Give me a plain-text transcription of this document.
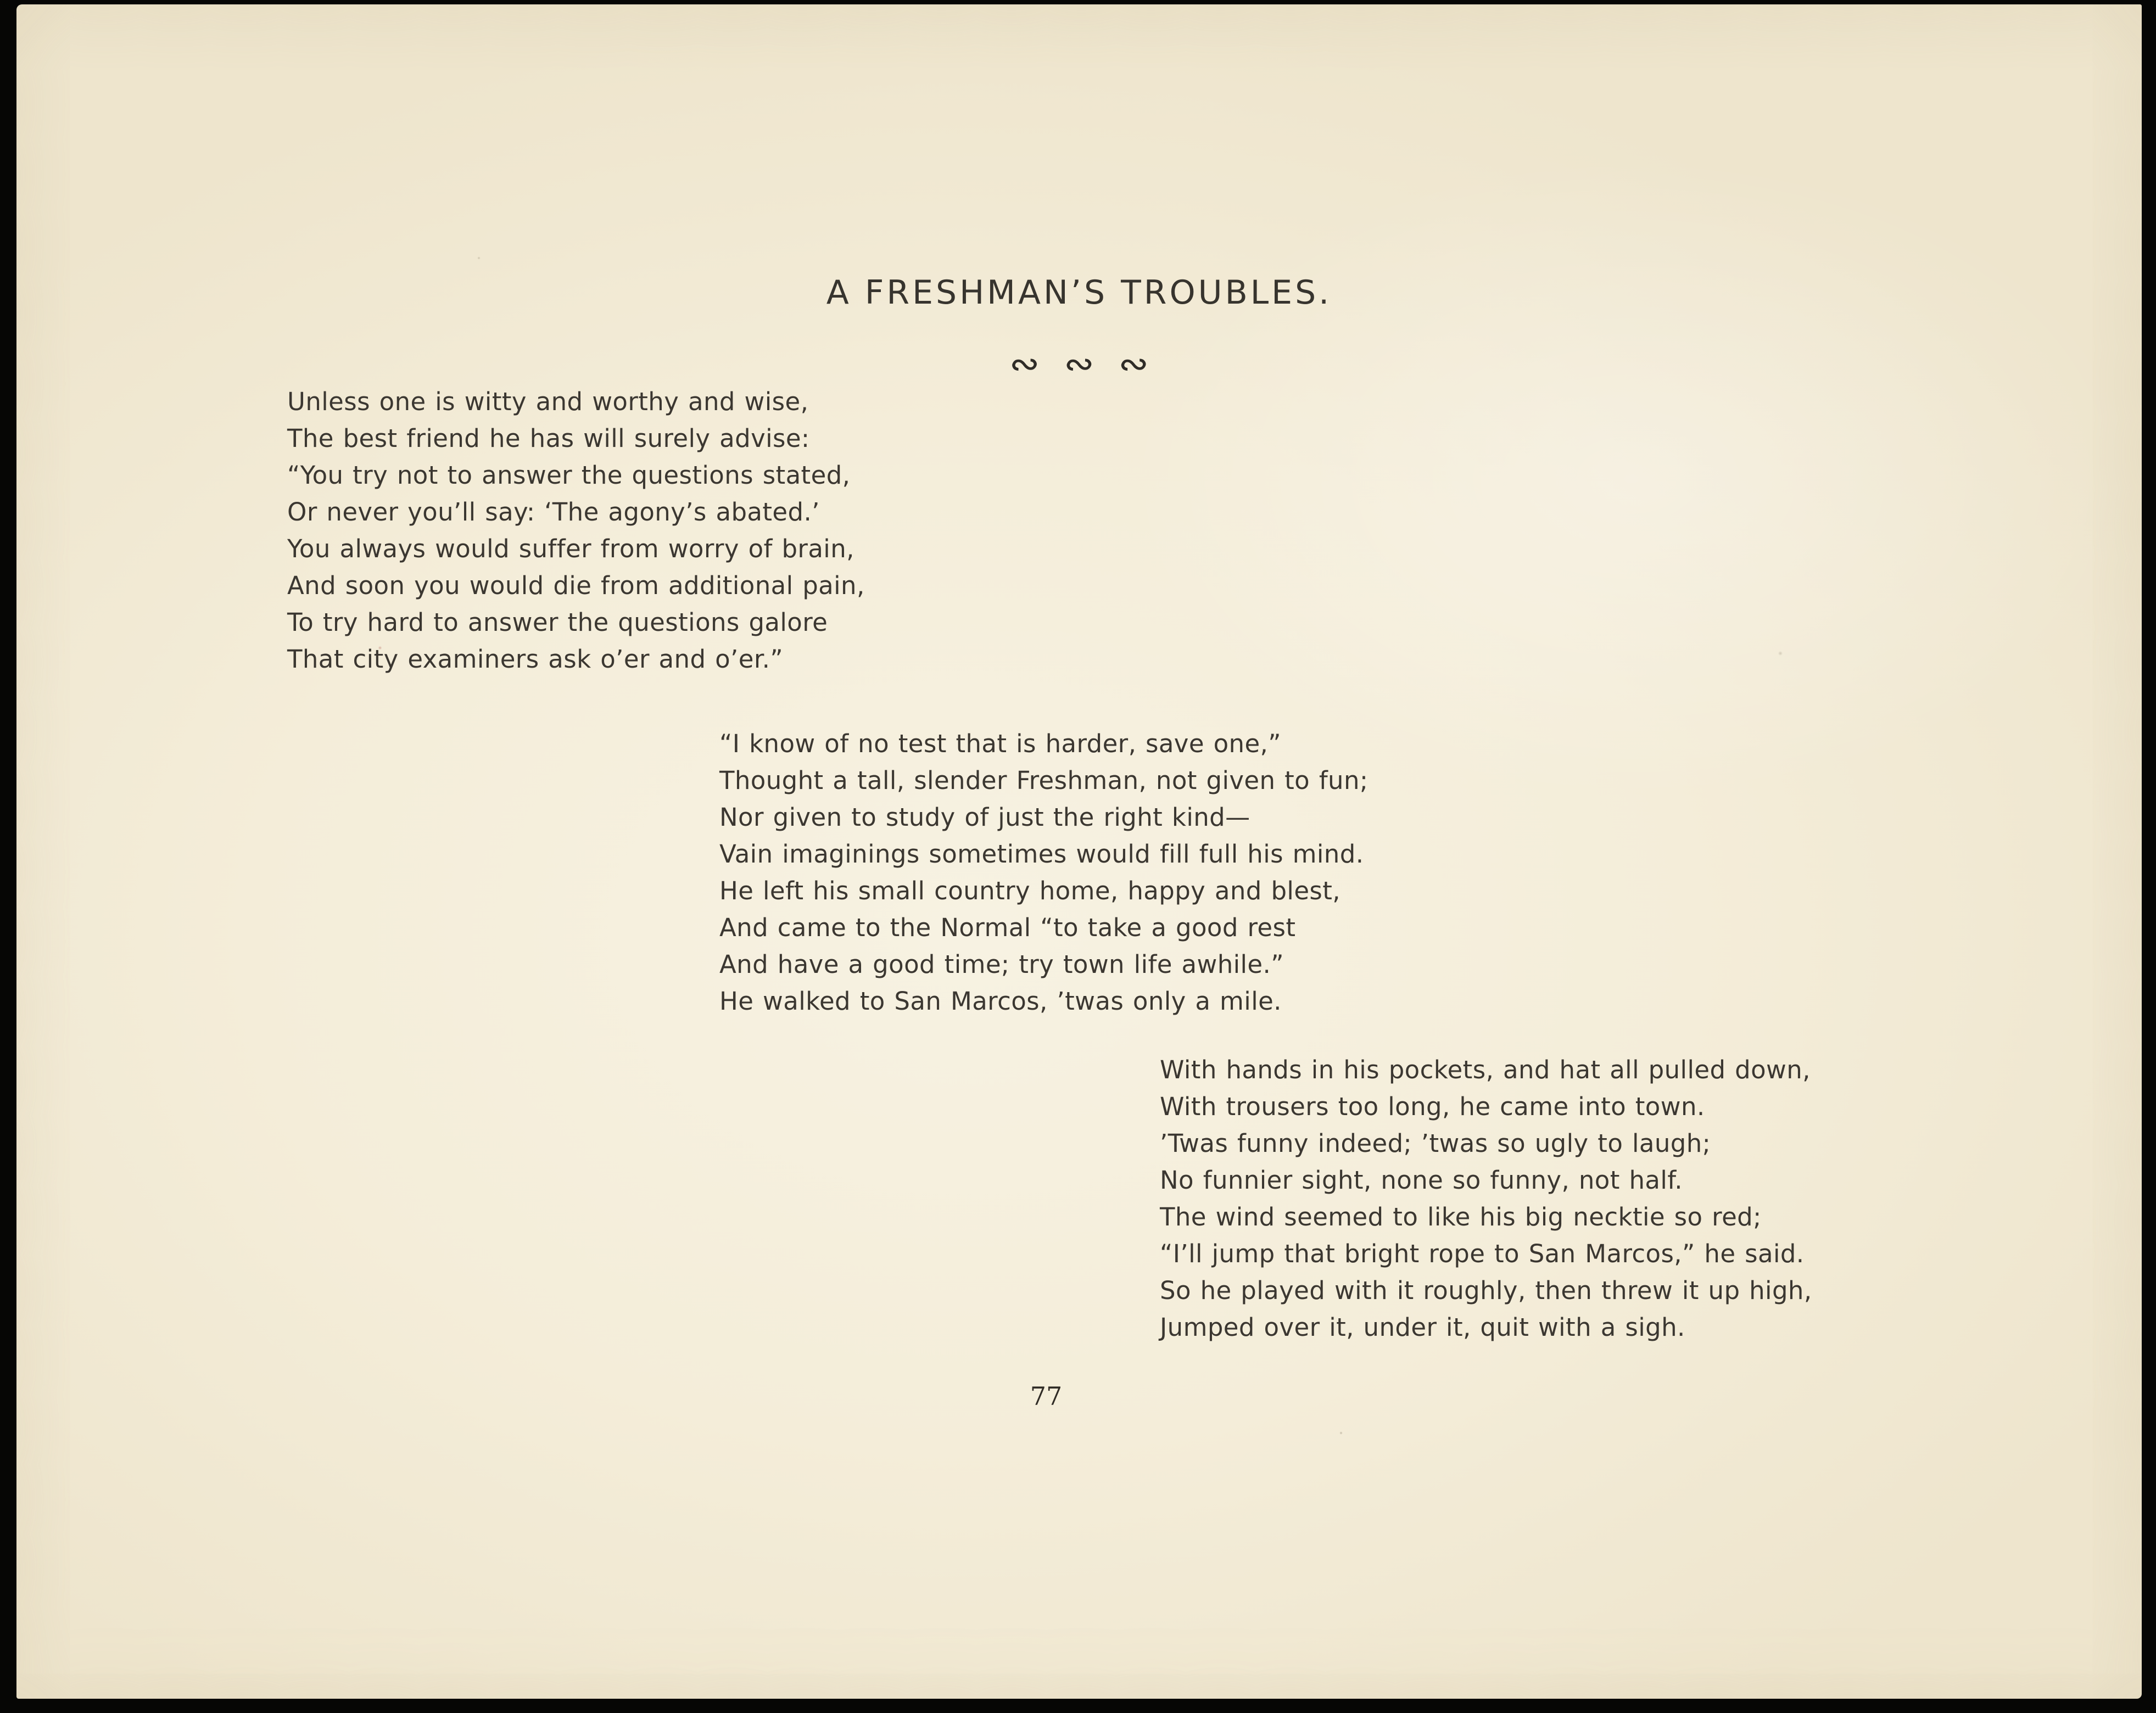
A FRESHMAN’S TROUBLES.
∾∾∾
Unless one is witty and worthy and wise,
The best friend he has will surely advise:
“You try not to answer the questions stated,
Or never you’ll say: ‘The agony’s abated.’
You always would suffer from worry of brain,
And soon you would die from additional pain,
To try hard to answer the questions galore
That city examiners ask o’er and o’er.”
“I know of no test that is harder, save one,”
Thought a tall, slender Freshman, not given to fun;
Nor given to study of just the right kind—
Vain imaginings sometimes would fill full his mind.
He left his small country home, happy and blest,
And came to the Normal “to take a good rest
And have a good time; try town life awhile.”
He walked to San Marcos, ’twas only a mile.
With hands in his pockets, and hat all pulled down,
With trousers too long, he came into town.
’Twas funny indeed; ’twas so ugly to laugh;
No funnier sight, none so funny, not half.
The wind seemed to like his big necktie so red;
“I’ll jump that bright rope to San Marcos,” he said.
So he played with it roughly, then threw it up high,
Jumped over it, under it, quit with a sigh.
77
